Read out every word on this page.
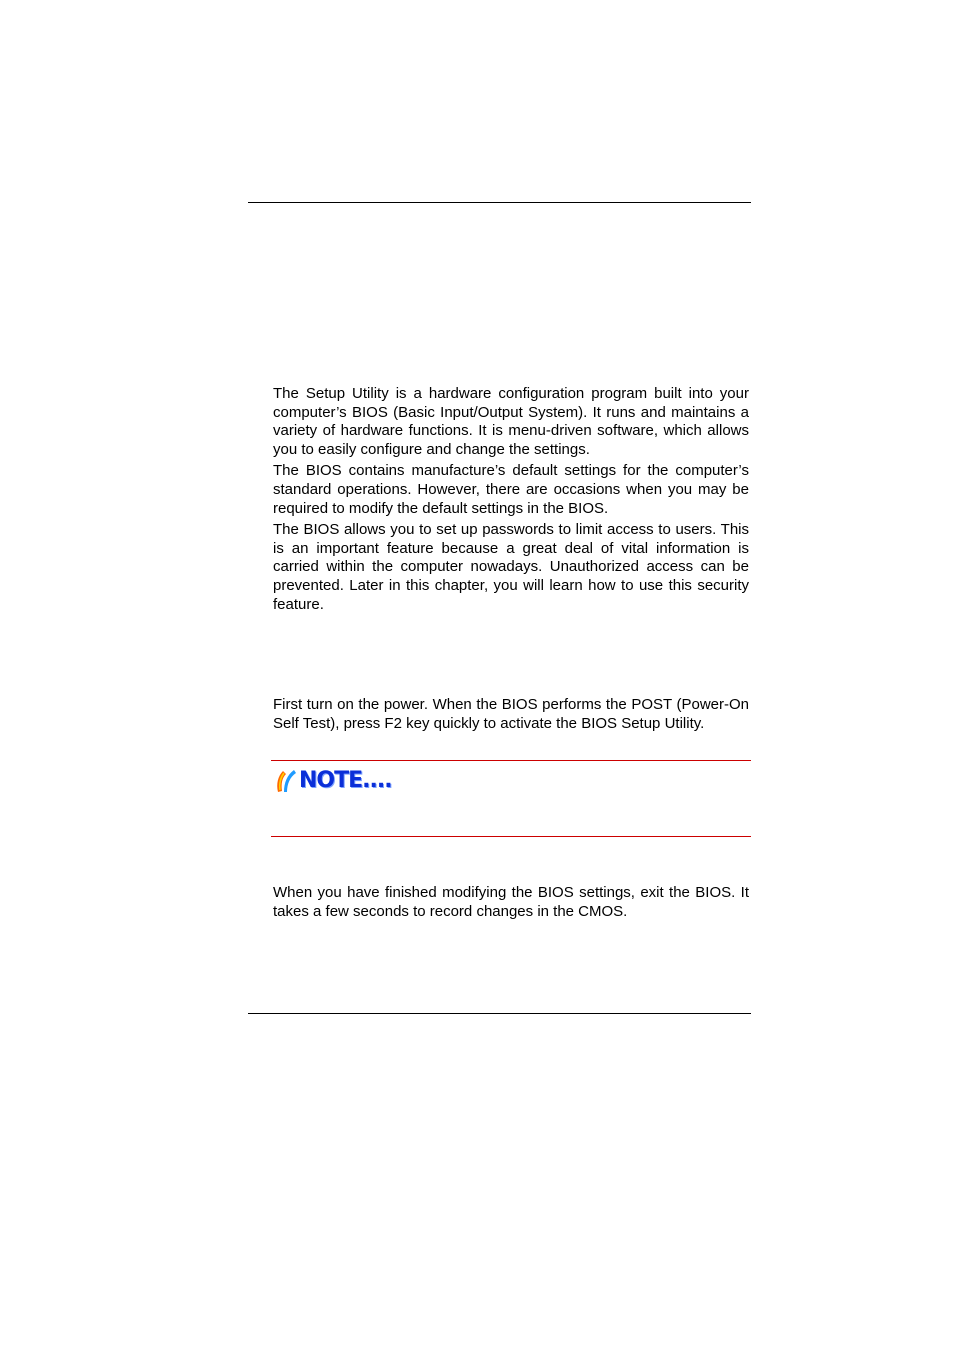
The Setup Utility is a hardware configuration program built into your computer’s BIOS (Basic Input/Output System). It runs and maintains a variety of hardware functions. It is menu-driven software, which allows you to easily configure and change the settings.

The BIOS contains manufacture’s default settings for the computer’s standard operations. However, there are occasions when you may be required to modify the default settings in the BIOS.

The BIOS allows you to set up passwords to limit access to users. This is an important feature because a great deal of vital information is carried within the computer nowadays. Unauthorized access can be prevented. Later in this chapter, you will learn how to use this security feature.

First turn on the power. When the BIOS performs the POST (Power-On Self Test), press F2 key quickly to activate the BIOS Setup Utility.

NOTE....

When you have finished modifying the BIOS settings, exit the BIOS. It takes a few seconds to record changes in the CMOS.
